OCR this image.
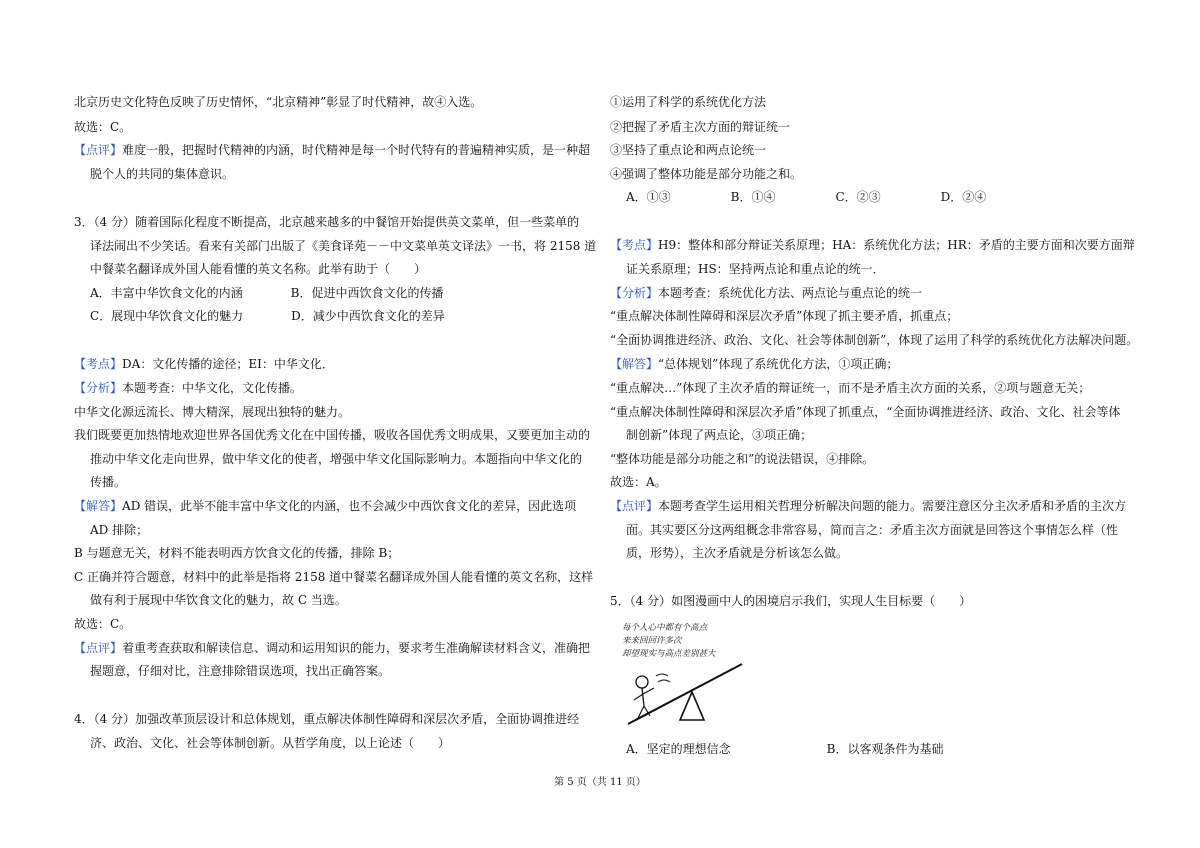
北京历史文化特色反映了历史情怀，“北京精神”彰显了时代精神，故④入选。
故选：C。
【点评】难度一般，把握时代精神的内涵，时代精神是每一个时代特有的普遍精神实质，是一种超
脱个人的共同的集体意识。
3．（4 分）随着国际化程度不断提高，北京越来越多的中餐馆开始提供英文菜单，但一些菜单的
译法闹出不少笑话。看来有关部门出版了《美食译苑－－中文菜单英文译法》一书，将 2158 道
中餐菜名翻译成外国人能看懂的英文名称。此举有助于（　　）
A．丰富中华饮食文化的内涵　　　　B．促进中西饮食文化的传播
C．展现中华饮食文化的魅力　　　　D．减少中西饮食文化的差异
【考点】DA：文化传播的途径；EI：中华文化．
【分析】本题考查：中华文化，文化传播。
中华文化源远流长、博大精深，展现出独特的魅力。
我们既要更加热情地欢迎世界各国优秀文化在中国传播，吸收各国优秀文明成果，又要更加主动的
推动中华文化走向世界，做中华文化的使者，增强中华文化国际影响力。本题指向中华文化的
传播。
【解答】AD 错误，此举不能丰富中华文化的内涵，也不会减少中西饮食文化的差异，因此选项
AD 排除；
B 与题意无关，材料不能表明西方饮食文化的传播，排除 B；
C 正确并符合题意，材料中的此举是指将 2158 道中餐菜名翻译成外国人能看懂的英文名称，这样
做有利于展现中华饮食文化的魅力，故 C 当选。
故选：C。
【点评】着重考查获取和解读信息、调动和运用知识的能力，要求考生准确解读材料含义，准确把
握题意，仔细对比，注意排除错误选项，找出正确答案。
4．（4 分）加强改革顶层设计和总体规划，重点解决体制性障碍和深层次矛盾，全面协调推进经
济、政治、文化、社会等体制创新。从哲学角度，以上论述（　　）
①运用了科学的系统优化方法
②把握了矛盾主次方面的辩证统一
③坚持了重点论和两点论统一
④强调了整体功能是部分功能之和。
A．①③　　　　　B．①④　　　　　C．②③　　　　　D．②④
【考点】H9：整体和部分辩证关系原理；HA：系统优化方法；HR：矛盾的主要方面和次要方面辩
证关系原理；HS：坚持两点论和重点论的统一．
【分析】本题考查：系统优化方法、两点论与重点论的统一
“重点解决体制性障碍和深层次矛盾”体现了抓主要矛盾，抓重点；
“全面协调推进经济、政治、文化、社会等体制创新”，体现了运用了科学的系统优化方法解决问题。
【解答】“总体规划”体现了系统优化方法，①项正确；
“重点解决…”体现了主次矛盾的辩证统一，而不是矛盾主次方面的关系，②项与题意无关；
“重点解决体制性障碍和深层次矛盾”体现了抓重点，“全面协调推进经济、政治、文化、社会等体
制创新”体现了两点论，③项正确；
“整体功能是部分功能之和”的说法错误，④排除。
故选：A。
【点评】本题考查学生运用相关哲理分析解决问题的能力。需要注意区分主次矛盾和矛盾的主次方
面。其实要区分这两组概念非常容易，简而言之：矛盾主次方面就是回答这个事情怎么样（性
质，形势），主次矛盾就是分析该怎么做。
5．（4 分）如图漫画中人的困境启示我们，实现人生目标要（　　）
每个人心中都有个高点
来来回回许多次
却望现实与高点差别甚大
A．坚定的理想信念　　　　　　　　B．以客观条件为基础
第 5 页（共 11 页）
